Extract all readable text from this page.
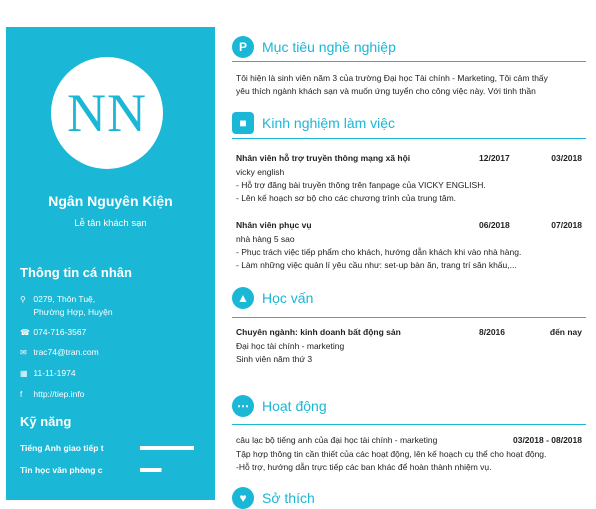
NN
Ngân Nguyên Kiện
Lễ tân khách sạn
Thông tin cá nhân
⚲ 0279, Thôn Tuệ,
Phường Hợp, Huyện
☎ 074-716-3567
✉ trac74@tran.com
▦ 11-11-1974
f http://tiep.info
Kỹ năng
Tiếng Anh giao tiếp t
Tin học văn phòng c
P	Mục tiêu nghề nghiệp
Tôi hiện là sinh viên năm 3 của trường Đại học Tài chính - Marketing, Tôi cảm thấy
yêu thích ngành khách sạn và muốn ứng tuyển cho công việc này. Với tinh thần
■	Kinh nghiệm làm việc
Nhân viên hỗ trợ truyền thông mạng xã hội	12/2017	03/2018
vicky english
- Hỗ trợ đăng bài truyền thông trên fanpage của VICKY ENGLISH.
- Lên kế hoạch sơ bộ cho các chương trình của trung tâm.
Nhân viên phục vụ	06/2018	07/2018
nhà hàng 5 sao
- Phục trách việc tiếp phẩm cho khách, hướng dẫn khách khi vào nhà hàng.
- Làm những việc quản lí yêu cầu như: set-up bàn ăn, trang trí sân khấu,...
▲ Học vấn
Chuyên ngành: kinh doanh bất động sản	8/2016	đến nay
Đại học tài chính - marketing
Sinh viên năm thứ 3
⋯ Hoạt động
câu lạc bộ tiếng anh của đại học tài chính - marketing	03/2018 - 08/2018
Tập hợp thông tin cần thiết của các hoạt động, lên kế hoạch cụ thể cho hoạt động.
-Hỗ trợ, hướng dẫn trực tiếp các ban khác để hoàn thành nhiệm vụ.
♥	Sở thích
